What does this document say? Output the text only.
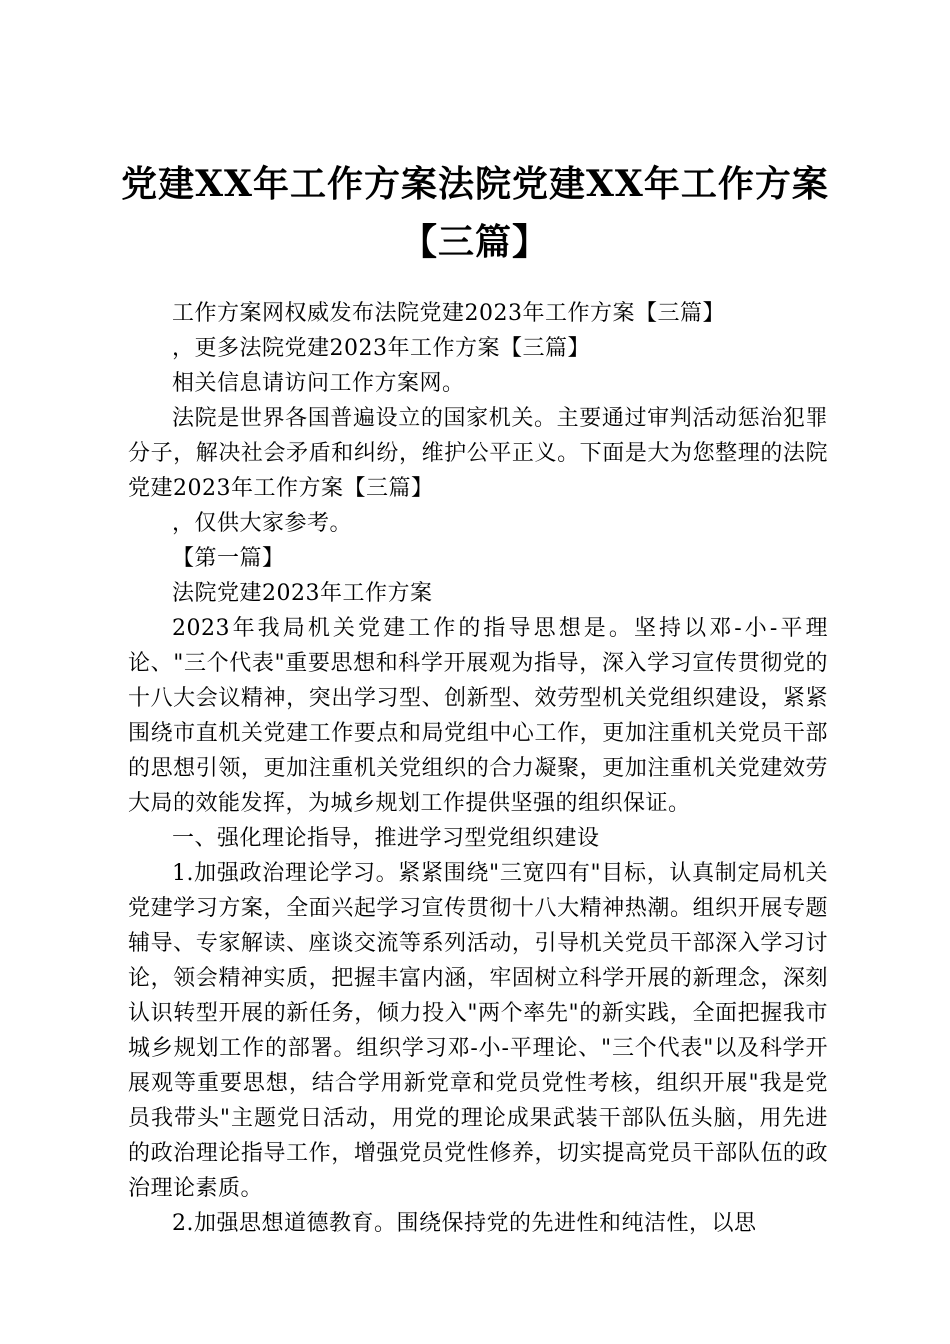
党建XX年工作方案法院党建XX年工作方案
【三篇】

工作方案网权威发布法院党建2023年工作方案【三篇】

，更多法院党建2023年工作方案【三篇】

相关信息请访问工作方案网。

法院是世界各国普遍设立的国家机关。主要通过审判活动惩治犯罪分子，解决社会矛盾和纠纷，维护公平正义。下面是大为您整理的法院党建2023年工作方案【三篇】

，仅供大家参考。

【第一篇】

法院党建2023年工作方案

2023年我局机关党建工作的指导思想是。坚持以邓-小-平理论、"三个代表"重要思想和科学开展观为指导，深入学习宣传贯彻党的十八大会议精神，突出学习型、创新型、效劳型机关党组织建设，紧紧围绕市直机关党建工作要点和局党组中心工作，更加注重机关党员干部的思想引领，更加注重机关党组织的合力凝聚，更加注重机关党建效劳大局的效能发挥，为城乡规划工作提供坚强的组织保证。

一、强化理论指导，推进学习型党组织建设

1.加强政治理论学习。紧紧围绕"三宽四有"目标，认真制定局机关党建学习方案，全面兴起学习宣传贯彻十八大精神热潮。组织开展专题辅导、专家解读、座谈交流等系列活动，引导机关党员干部深入学习讨论，领会精神实质，把握丰富内涵，牢固树立科学开展的新理念，深刻认识转型开展的新任务，倾力投入"两个率先"的新实践，全面把握我市城乡规划工作的部署。组织学习邓-小-平理论、"三个代表"以及科学开展观等重要思想，结合学用新党章和党员党性考核，组织开展"我是党员我带头"主题党日活动，用党的理论成果武装干部队伍头脑，用先进的政治理论指导工作，增强党员党性修养，切实提高党员干部队伍的政治理论素质。

2.加强思想道德教育。围绕保持党的先进性和纯洁性，以思
